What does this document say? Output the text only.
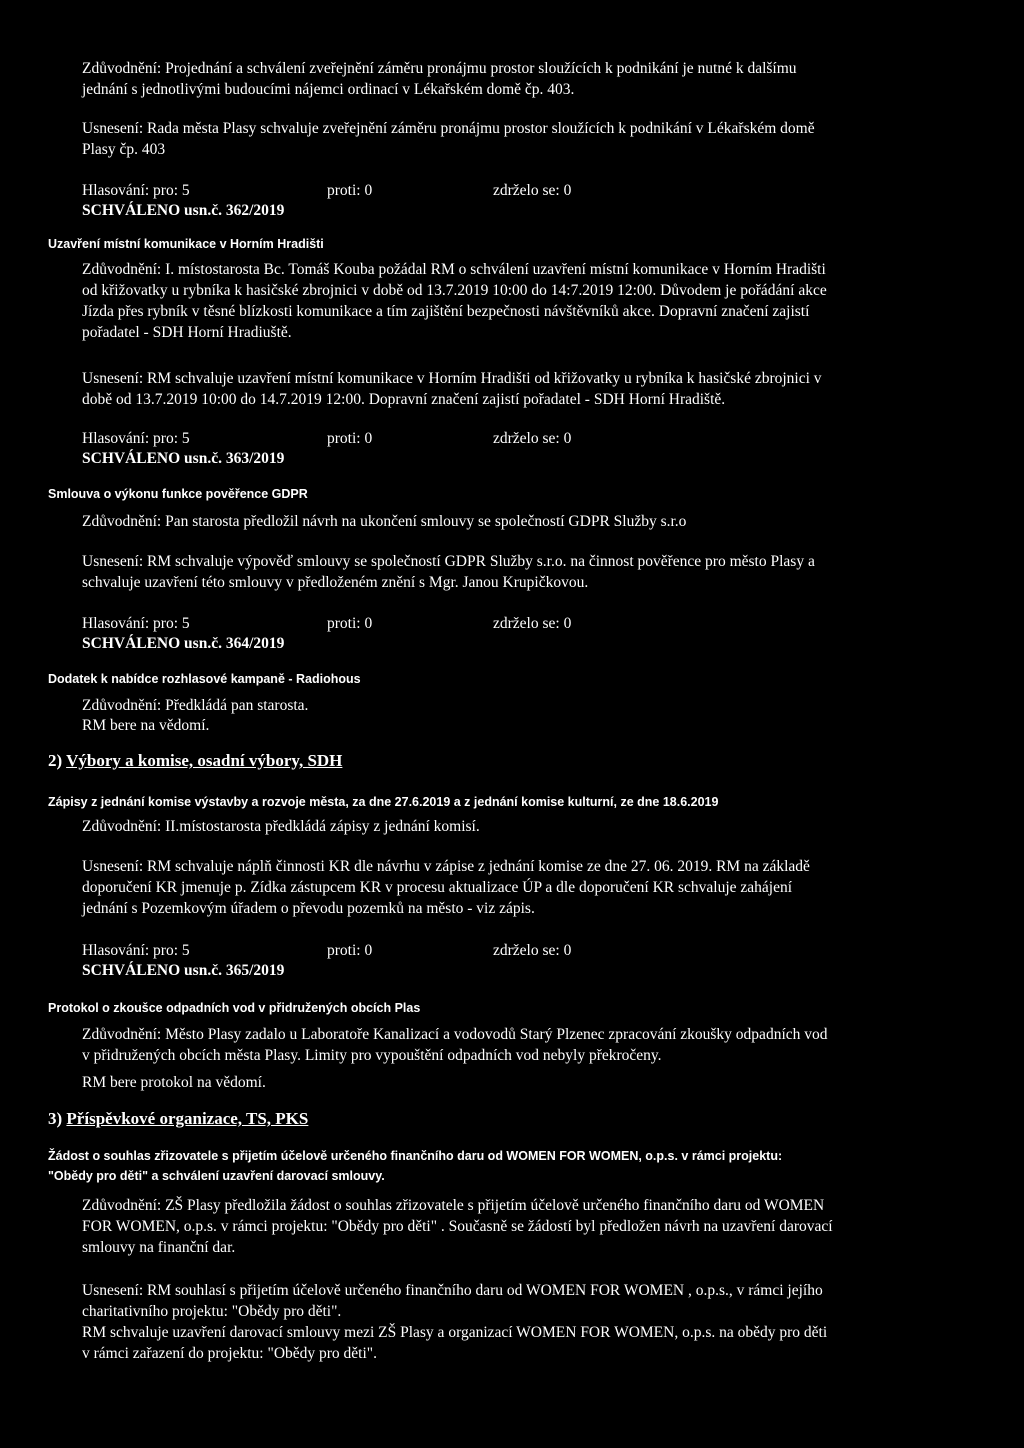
Zdůvodnění: Projednání a schválení zveřejnění záměru pronájmu prostor sloužících k podnikání je nutné k dalšímu
jednání s jednotlivými budoucími nájemci ordinací v Lékařském domě čp. 403.
Usnesení: Rada města Plasy schvaluje zveřejnění záměru pronájmu prostor sloužících k podnikání v Lékařském domě
Plasy čp. 403
Hlasování: pro: 5	proti: 0	zdrželo se: 0
SCHVÁLENO usn.č. 362/2019
Uzavření místní komunikace v Horním Hradišti
Zdůvodnění: I. místostarosta Bc. Tomáš Kouba požádal RM o schválení uzavření místní komunikace v Horním Hradišti
od křižovatky u rybníka k hasičské zbrojnici v době od 13.7.2019 10:00 do 14:7.2019 12:00. Důvodem je pořádání akce
Jízda přes rybník v těsné blízkosti komunikace a tím zajištění bezpečnosti návštěvníků akce. Dopravní značení zajistí
pořadatel - SDH Horní Hradiuště.
Usnesení: RM schvaluje uzavření místní komunikace v Horním Hradišti od křižovatky u rybníka k hasičské zbrojnici v
době od 13.7.2019 10:00 do 14.7.2019 12:00. Dopravní značení zajistí pořadatel - SDH Horní Hradiště.
Hlasování: pro: 5	proti: 0	zdrželo se: 0
SCHVÁLENO usn.č. 363/2019
Smlouva o výkonu funkce pověřence GDPR
Zdůvodnění: Pan starosta předložil návrh na ukončení smlouvy se společností GDPR Služby s.r.o
Usnesení: RM schvaluje výpověď smlouvy se společností GDPR Služby s.r.o. na činnost pověřence pro město Plasy a
schvaluje uzavření této smlouvy v předloženém znění s Mgr. Janou Krupičkovou.
Hlasování: pro: 5	proti: 0	zdrželo se: 0
SCHVÁLENO usn.č. 364/2019
Dodatek k nabídce rozhlasové kampaně - Radiohous
Zdůvodnění: Předkládá pan starosta.
RM bere na vědomí.
2) Výbory a komise, osadní výbory, SDH
Zápisy z jednání komise výstavby a rozvoje města, za dne 27.6.2019 a z jednání komise kulturní, ze dne 18.6.2019
Zdůvodnění: II.místostarosta předkládá zápisy z jednání komisí.
Usnesení: RM schvaluje náplň činnosti KR dle návrhu v zápise z jednání komise ze dne 27. 06. 2019. RM na základě
doporučení KR jmenuje p. Zídka zástupcem KR v procesu aktualizace ÚP a dle doporučení KR schvaluje zahájení
jednání s Pozemkovým úřadem o převodu pozemků na město - viz zápis.
Hlasování: pro: 5	proti: 0	zdrželo se: 0
SCHVÁLENO usn.č. 365/2019
Protokol o zkoušce odpadních vod v přidružených obcích Plas
Zdůvodnění: Město Plasy zadalo u Laboratoře Kanalizací a vodovodů Starý Plzenec zpracování zkoušky odpadních vod
v přidružených obcích města Plasy. Limity pro vypouštění odpadních vod nebyly překročeny.
RM bere protokol na vědomí.
3) Příspěvkové organizace, TS, PKS
Žádost o souhlas zřizovatele s přijetím účelově určeného finančního daru od WOMEN FOR WOMEN, o.p.s. v rámci projektu:
"Obědy pro děti" a schválení uzavření darovací smlouvy.
Zdůvodnění: ZŠ Plasy předložila žádost o souhlas zřizovatele s přijetím účelově určeného finančního daru od WOMEN
FOR WOMEN, o.p.s. v rámci projektu: "Obědy pro děti" . Současně se žádostí byl předložen návrh na uzavření darovací
smlouvy na finanční dar.
Usnesení: RM souhlasí s přijetím účelově určeného finančního daru od WOMEN FOR WOMEN , o.p.s., v rámci jejího
charitativního projektu: "Obědy pro děti".
RM schvaluje uzavření darovací smlouvy mezi ZŠ Plasy a organizací WOMEN FOR WOMEN, o.p.s. na obědy pro děti
v rámci zařazení do projektu: "Obědy pro děti".
